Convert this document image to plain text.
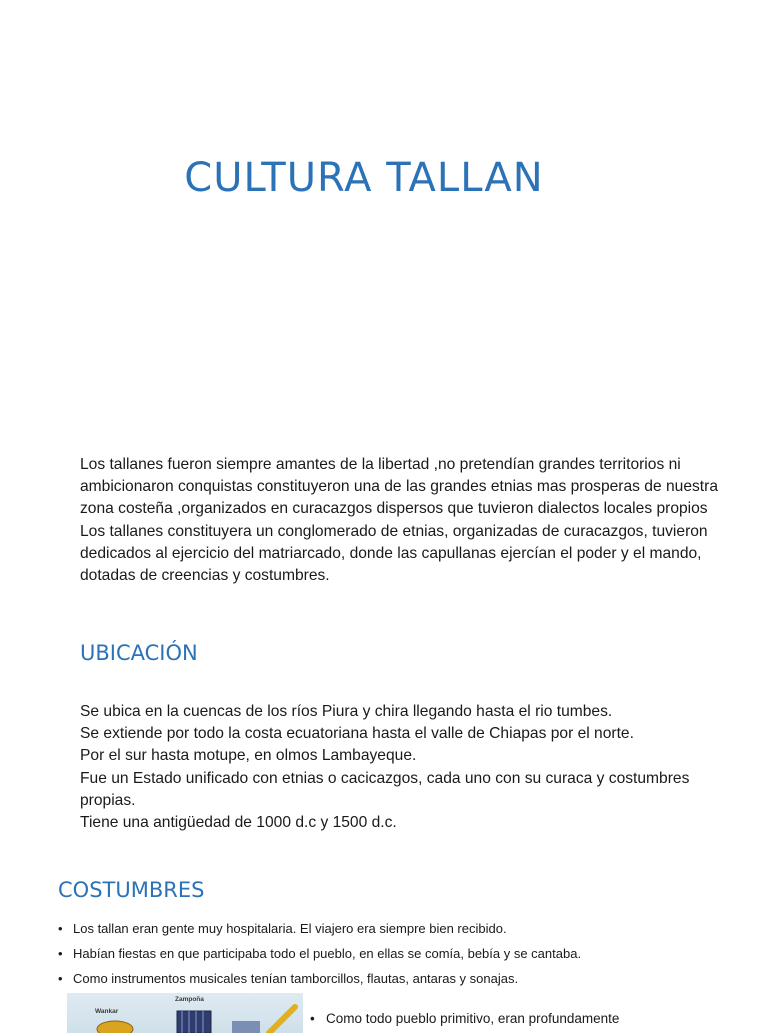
CULTURA TALLAN

Los tallanes fueron siempre amantes de la libertad ,no pretendían grandes territorios ni ambicionaron conquistas constituyeron una de las grandes etnias mas prosperas de nuestra zona costeña ,organizados en curacazgos dispersos que tuvieron dialectos locales propios

Los tallanes constituyera un conglomerado de etnias, organizadas de curacazgos, tuvieron dedicados al ejercicio del matriarcado, donde las capullanas ejercían el poder y el mando, dotadas de creencias y costumbres.

UBICACIÓN

Se ubica en la cuencas de los ríos Piura y chira llegando hasta el rio tumbes.

Se extiende por todo la costa ecuatoriana hasta el valle de Chiapas por el norte.

Por el sur hasta motupe, en olmos Lambayeque.

Fue un Estado unificado con etnias o cacicazgos, cada uno con su curaca y costumbres propias.

Tiene una antigüedad de 1000 d.c y 1500 d.c.

COSTUMBRES
• Los tallan eran gente muy hospitalaria. El viajero era siempre bien recibido.
• Habían fiestas en que participaba todo el pueblo, en ellas se comía, bebía y se cantaba.
• Como instrumentos musicales tenían tamborcillos, flautas, antaras y sonajas.
Wankar
Zampoña
• Como todo pueblo primitivo, eran profundamente
